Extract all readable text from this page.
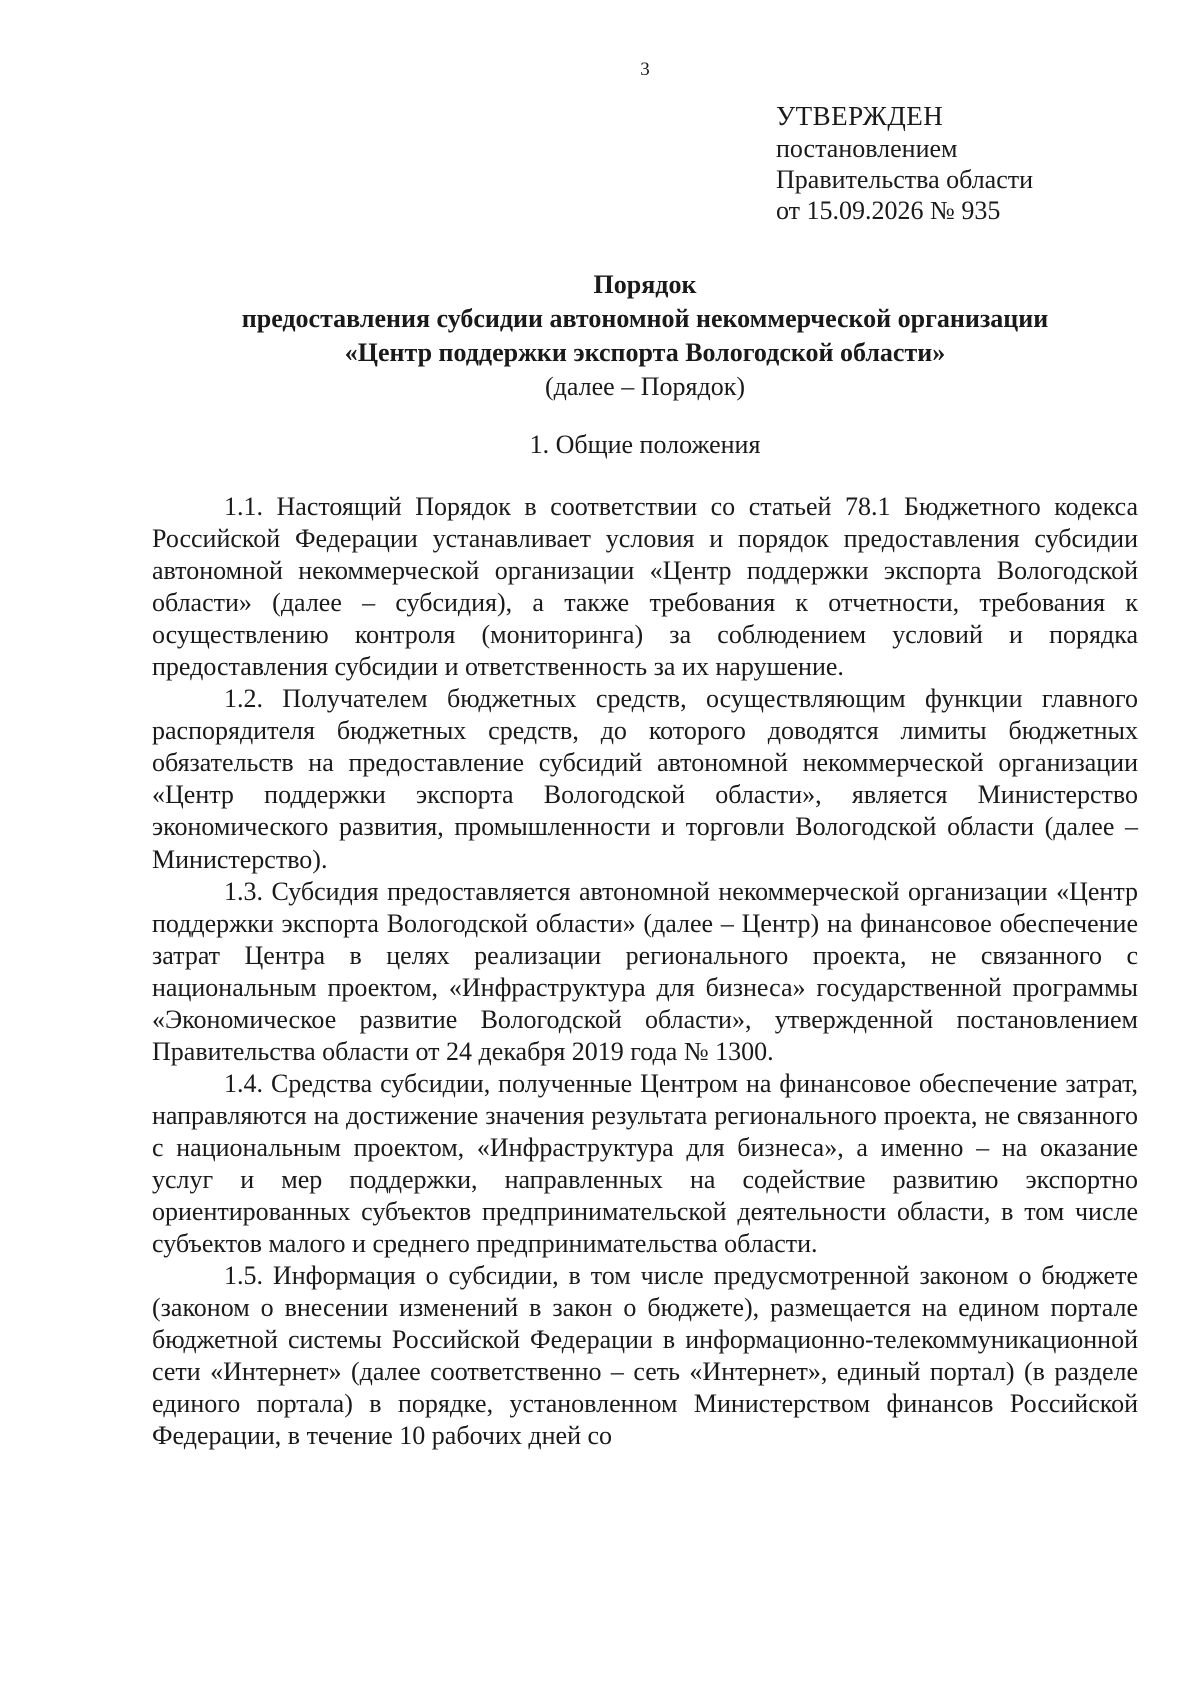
3
УТВЕРЖДЕН
постановлением
Правительства области
от 15.09.2026 № 935
Порядок
предоставления субсидии автономной некоммерческой организации
«Центр поддержки экспорта Вологодской области»
(далее – Порядок)
1. Общие положения

1.1. Настоящий Порядок в соответствии со статьей 78.1 Бюджетного кодекса Российской Федерации устанавливает условия и порядок предоставления субсидии автономной некоммерческой организации «Центр поддержки экспорта Вологодской области» (далее – субсидия), а также требования к отчетности, требования к осуществлению контроля (мониторинга) за соблюдением условий и порядка предоставления субсидии и ответственность за их нарушение.

1.2. Получателем бюджетных средств, осуществляющим функции главного распорядителя бюджетных средств, до которого доводятся лимиты бюджетных обязательств на предоставление субсидий автономной некоммерческой организации «Центр поддержки экспорта Вологодской области», является Министерство экономического развития, промышленности и торговли Вологодской области (далее – Министерство).

1.3. Субсидия предоставляется автономной некоммерческой организации «Центр поддержки экспорта Вологодской области» (далее – Центр) на финансовое обеспечение затрат Центра в целях реализации регионального проекта, не связанного с национальным проектом, «Инфраструктура для бизнеса» государственной программы «Экономическое развитие Вологодской области», утвержденной постановлением Правительства области от 24 декабря 2019 года № 1300.

1.4. Средства субсидии, полученные Центром на финансовое обеспечение затрат, направляются на достижение значения результата регионального проекта, не связанного с национальным проектом, «Инфраструктура для бизнеса», а именно – на оказание услуг и мер поддержки, направленных на содействие развитию экспортно ориентированных субъектов предпринимательской деятельности области, в том числе субъектов малого и среднего предпринимательства области.

1.5. Информация о субсидии, в том числе предусмотренной законом о бюджете (законом о внесении изменений в закон о бюджете), размещается на едином портале бюджетной системы Российской Федерации в информационно-телекоммуникационной сети «Интернет» (далее соответственно – сеть «Интернет», единый портал) (в разделе единого портала) в порядке, установленном Министерством финансов Российской Федерации, в течение 10 рабочих дней со
